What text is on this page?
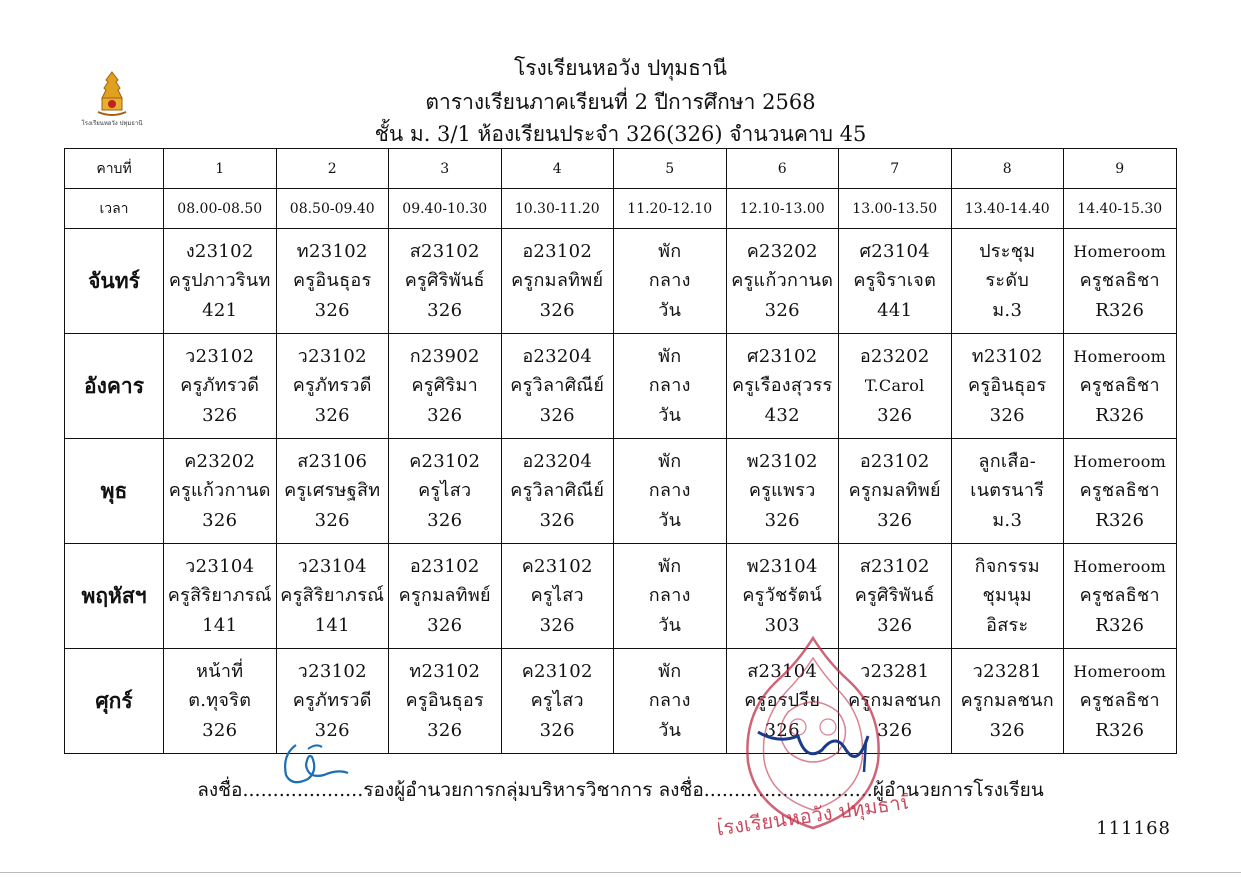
โรงเรียนหอวัง ปทุมธานี
โรงเรียนหอวัง ปทุมธานี
ตารางเรียนภาคเรียนที่ 2 ปีการศึกษา 2568
ชั้น ม. 3/1 ห้องเรียนประจำ 326(326) จำนวนคาบ 45
คาบที่	1	2	3	4	5	6	7	8	9
เวลา	08.00-08.50	08.50-09.40	09.40-10.30	10.30-11.20	11.20-12.10	12.10-13.00	13.00-13.50	13.40-14.40	14.40-15.30
จันทร์	ง23102
ครูปภาวรินท
421	ท23102
ครูอินธุอร
326	ส23102
ครูศิริพันธ์
326	อ23102
ครูกมลทิพย์
326	พัก
กลาง
วัน	ค23202
ครูแก้วกานด
326	ศ23104
ครูจิราเจต
441	ประชุม
ระดับ
ม.3	Homeroom
ครูชลธิชา
R326

อังคาร	ว23102
ครูภัทรวดี
326	ว23102
ครูภัทรวดี
326	ก23902
ครูศิริมา
326	อ23204
ครูวิลาศิณีย์
326	พัก
กลาง
วัน	ศ23102
ครูเรืองสุวรร
432	อ23202
T.Carol
326	ท23102
ครูอินธุอร
326	Homeroom
ครูชลธิชา
R326

พุธ	ค23202
ครูแก้วกานด
326	ส23106
ครูเศรษฐสิท
326	ค23102
ครูไสว
326	อ23204
ครูวิลาศิณีย์
326	พัก
กลาง
วัน	พ23102
ครูแพรว
326	อ23102
ครูกมลทิพย์
326	ลูกเสือ-
เนตรนารี
ม.3	Homeroom
ครูชลธิชา
R326

พฤหัสฯ	ว23104
ครูสิริยาภรณ์
141	ว23104
ครูสิริยาภรณ์
141	อ23102
ครูกมลทิพย์
326	ค23102
ครูไสว
326	พัก
กลาง
วัน	พ23104
ครูวัชรัตน์
303	ส23102
ครูศิริพันธ์
326	กิจกรรม
ชุมนุม
อิสระ	Homeroom
ครูชลธิชา
R326

ศุกร์	หน้าที่
ต.ทุจริต
326	ว23102
ครูภัทรวดี
326	ท23102
ครูอินธุอร
326	ค23102
ครูไสว
326	พัก
กลาง
วัน	ส23104
ครูอรปรีย
326	ว23281
ครูกมลชนก
326	ว23281
ครูกมลชนก
326	Homeroom
ครูชลธิชา
R326
ลงชื่อ....................รองผู้อำนวยการกลุ่มบริหารวิชาการ ลงชื่อ............................ผู้อำนวยการโรงเรียน
111168
โรงเรียนหอวัง ปทุมธานี
